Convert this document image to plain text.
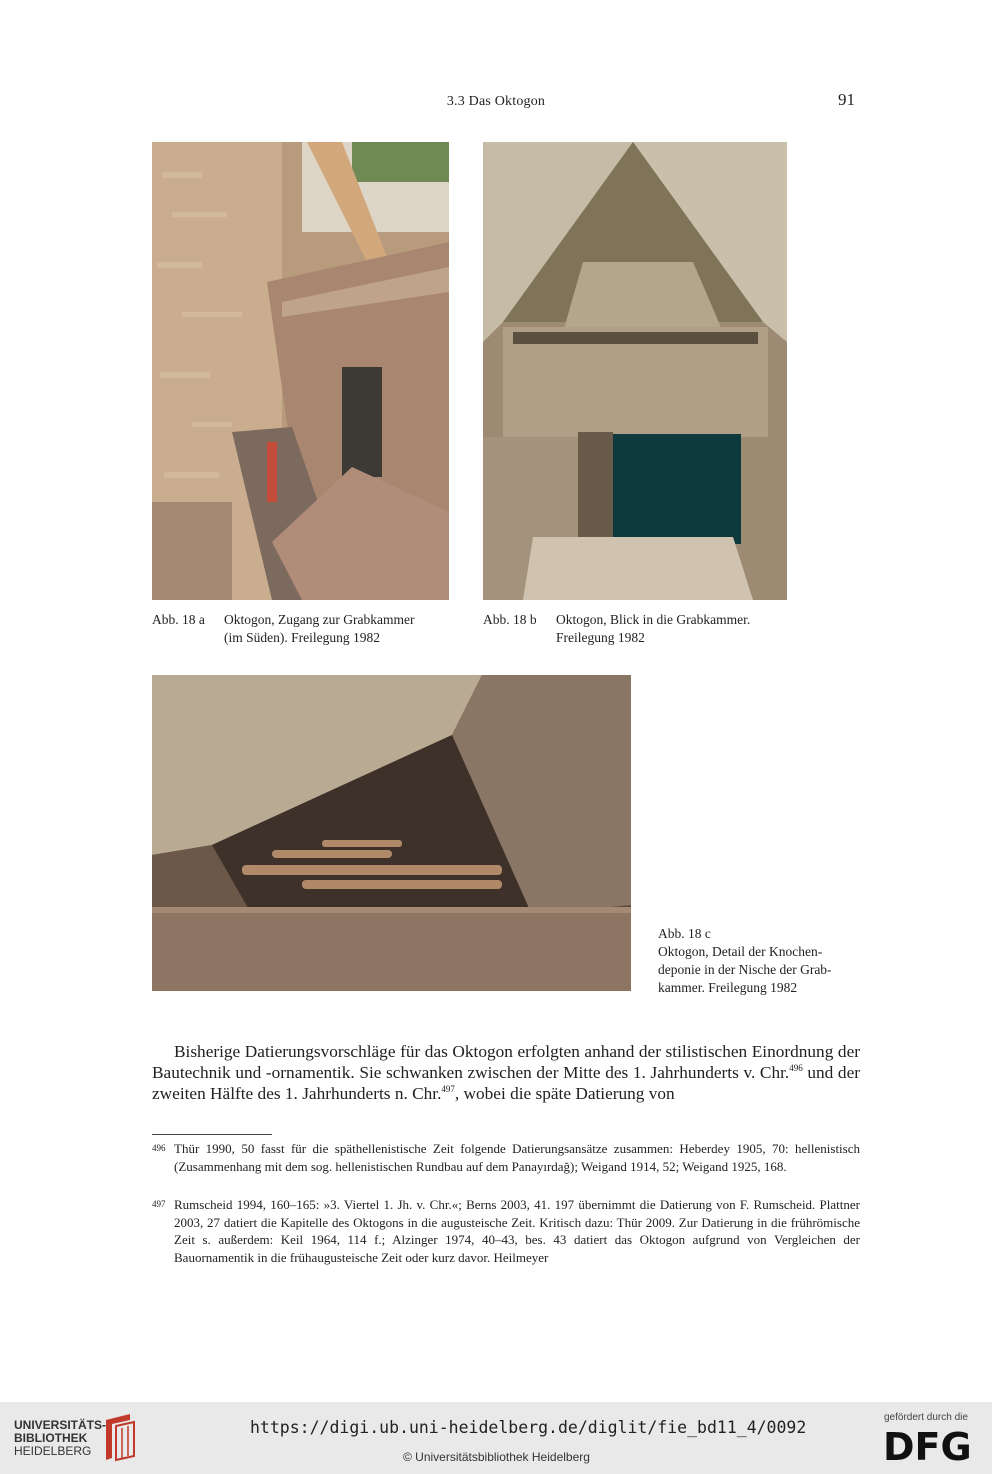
3.3 Das Oktogon	91
Abb. 18 a Oktogon, Zugang zur Grabkammer
(im Süden). Freilegung 1982
Abb. 18 b Oktogon, Blick in die Grabkammer.
Freilegung 1982
Abb. 18 c
Oktogon, Detail der Knochen-
deponie in der Nische der Grab-
kammer. Freilegung 1982

Bisherige Datierungsvorschläge für das Oktogon erfolgten anhand der stilistischen Einordnung der Bautechnik und -ornamentik. Sie schwanken zwischen der Mitte des 1. Jahrhunderts v. Chr.$^{496}$ und der zweiten Hälfte des 1. Jahrhunderts n. Chr.$^{497}$, wobei die späte Datierung von

496 Thür 1990, 50 fasst für die späthellenistische Zeit folgende Datierungsansätze zusammen: Heberdey 1905, 70: hellenistisch (Zusammenhang mit dem sog. hellenistischen Rundbau auf dem Panayırdağ); Weigand 1914, 52; Weigand 1925, 168.
497 Rumscheid 1994, 160–165: »3. Viertel 1. Jh. v. Chr.«; Berns 2003, 41. 197 übernimmt die Datierung von F. Rumscheid. Plattner 2003, 27 datiert die Kapitelle des Oktogons in die augusteische Zeit. Kritisch dazu: Thür 2009. Zur Datierung in die frührömische Zeit s. außerdem: Keil 1964, 114 f.; Alzinger 1974, 40–43, bes. 43 datiert das Oktogon aufgrund von Vergleichen der Bauornamentik in die frühaugusteische Zeit oder kurz davor. Heilmeyer
UNIVERSITÄTS-
BIBLIOTHEK
HEIDELBERG
https://digi.ub.uni-heidelberg.de/diglit/fie_bd11_4/0092
© Universitätsbibliothek Heidelberg
gefördert durch die
DFG
